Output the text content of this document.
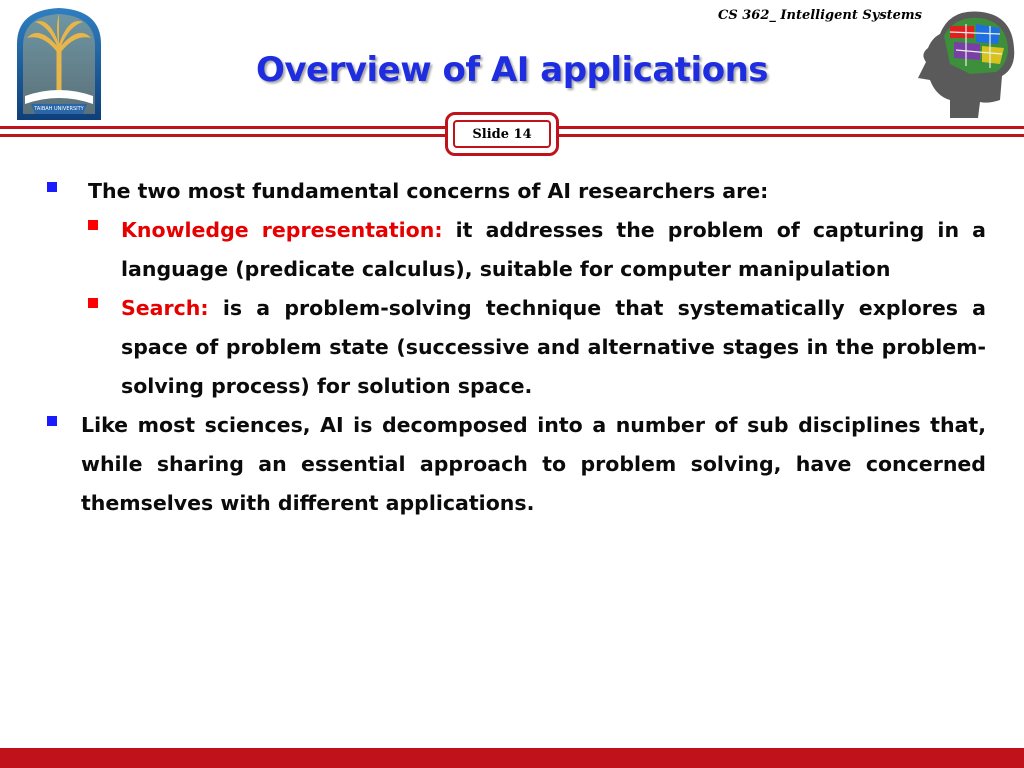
CS 362_ Intelligent Systems
TAIBAH UNIVERSITY
Overview of AI applications
Slide 14
The two most fundamental concerns of AI researchers are:
Knowledge representation: it addresses the problem of capturing in a language (predicate calculus), suitable for computer manipulation
Search: is a problem-solving technique that systematically explores a space of problem state (successive and alternative stages in the problem-solving process) for solution space.
Like most sciences, AI is decomposed into a number of sub disciplines that, while sharing an essential approach to problem solving, have concerned themselves with different applications.
